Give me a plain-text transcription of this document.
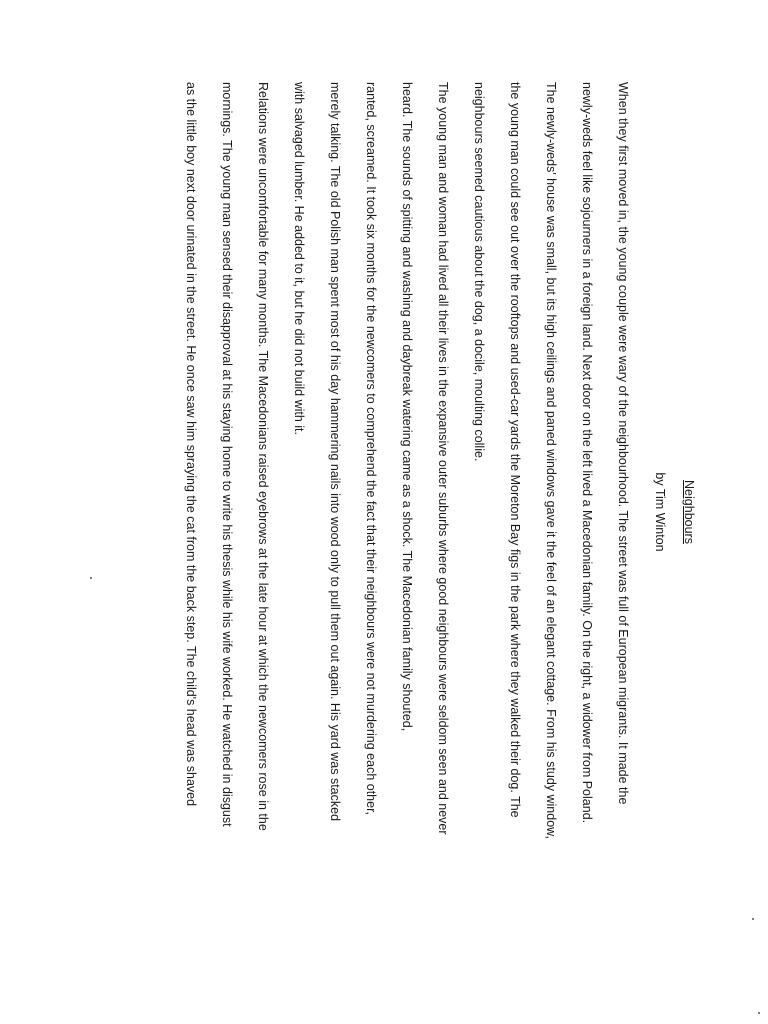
Neighbours

by Tim Winton

When they first moved in, the young couple were wary of the neighbourhood. The street was full of European migrants. It made the

newly-weds feel like sojourners in a foreign land. Next door on the left lived a Macedonian family. On the right, a widower from Poland.

The newly-weds' house was small, but its high ceilings and paned windows gave it the feel of an elegant cottage. From his study window,

the young man could see out over the rooftops and used-car yards the Moreton Bay figs in the park where they walked their dog. The

neighbours seemed cautious about the dog, a docile, moulting collie.

The young man and woman had lived all their lives in the expansive outer suburbs where good neighbours were seldom seen and never

heard. The sounds of spitting and washing and daybreak watering came as a shock. The Macedonian family shouted,

ranted, screamed. It took six months for the newcomers to comprehend the fact that their neighbours were not murdering each other,

merely talking. The old Polish man spent most of his day hammering nails into wood only to pull them out again. His yard was stacked

with salvaged lumber. He added to it, but he did not build with it.

Relations were uncomfortable for many months. The Macedonians raised eyebrows at the late hour at which the newcomers rose in the

mornings. The young man sensed their disapproval at his staying home to write his thesis while his wife worked. He watched in disgust

as the little boy next door urinated in the street. He once saw him spraying the cat from the back step. The child's head was shaved
